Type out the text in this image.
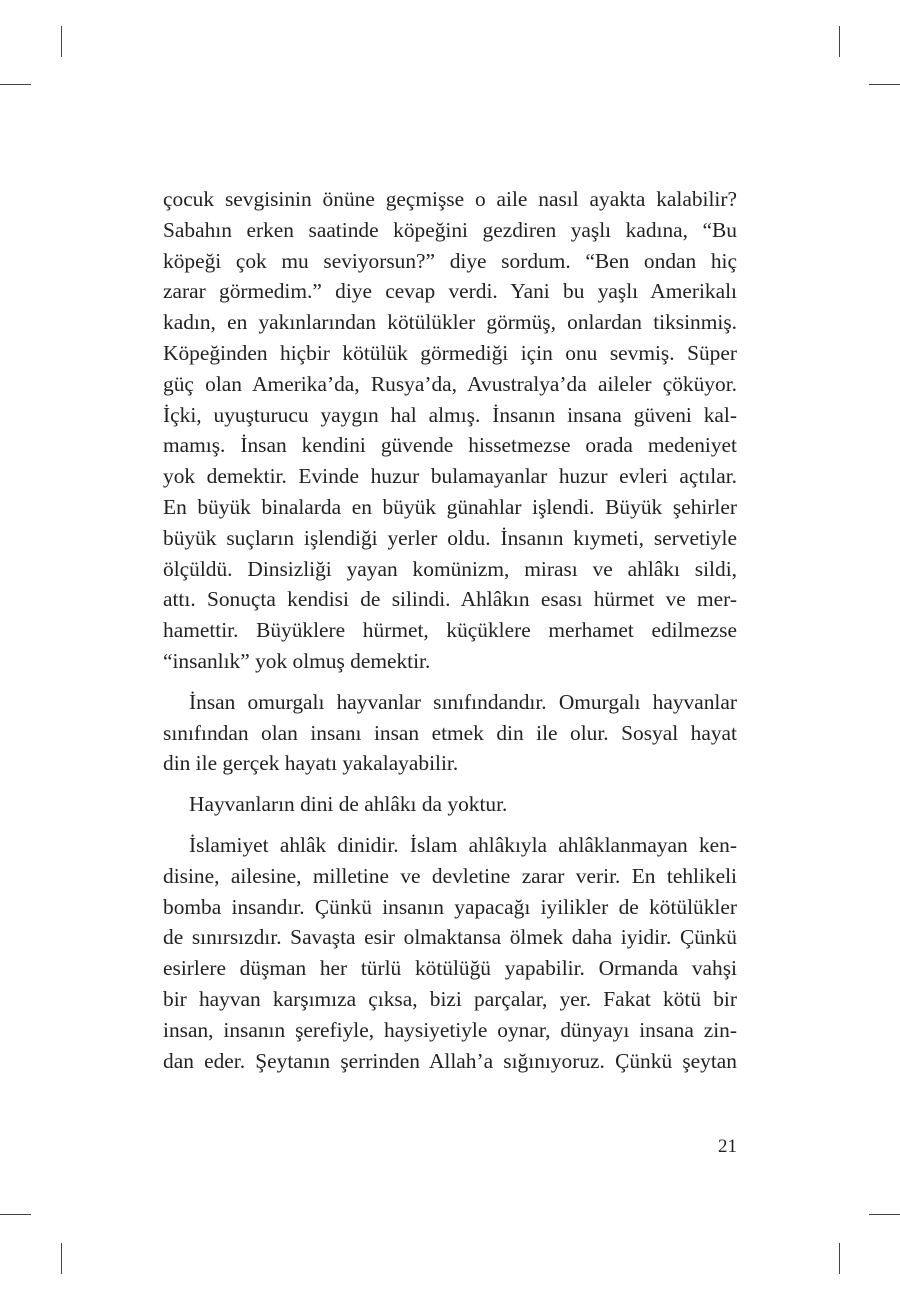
çocuk sevgisinin önüne geçmişse o aile nasıl ayakta kalabilir?
Sabahın erken saatinde köpeğini gezdiren yaşlı kadına, “Bu
köpeği çok mu seviyorsun?” diye sordum. “Ben ondan hiç
zarar görmedim.” diye cevap verdi. Yani bu yaşlı Amerikalı
kadın, en yakınlarından kötülükler görmüş, onlardan tiksinmiş.
Köpeğinden hiçbir kötülük görmediği için onu sevmiş. Süper
güç olan Amerika’da, Rusya’da, Avustralya’da aileler çöküyor.
İçki, uyuşturucu yaygın hal almış. İnsanın insana güveni kal-
mamış. İnsan kendini güvende hissetmezse orada medeniyet
yok demektir. Evinde huzur bulamayanlar huzur evleri açtılar.
En büyük binalarda en büyük günahlar işlendi. Büyük şehirler
büyük suçların işlendiği yerler oldu. İnsanın kıymeti, servetiyle
ölçüldü. Dinsizliği yayan komünizm, mirası ve ahlâkı sildi,
attı. Sonuçta kendisi de silindi. Ahlâkın esası hürmet ve mer-
hamettir. Büyüklere hürmet, küçüklere merhamet edilmezse
“insanlık” yok olmuş demektir.
İnsan omurgalı hayvanlar sınıfındandır. Omurgalı hayvanlar
sınıfından olan insanı insan etmek din ile olur. Sosyal hayat
din ile gerçek hayatı yakalayabilir.
Hayvanların dini de ahlâkı da yoktur.
İslamiyet ahlâk dinidir. İslam ahlâkıyla ahlâklanmayan ken-
disine, ailesine, milletine ve devletine zarar verir. En tehlikeli
bomba insandır. Çünkü insanın yapacağı iyilikler de kötülükler
de sınırsızdır. Savaşta esir olmaktansa ölmek daha iyidir. Çünkü
esirlere düşman her türlü kötülüğü yapabilir. Ormanda vahşi
bir hayvan karşımıza çıksa, bizi parçalar, yer. Fakat kötü bir
insan, insanın şerefiyle, haysiyetiyle oynar, dünyayı insana zin-
dan eder. Şeytanın şerrinden Allah’a sığınıyoruz. Çünkü şeytan
21
